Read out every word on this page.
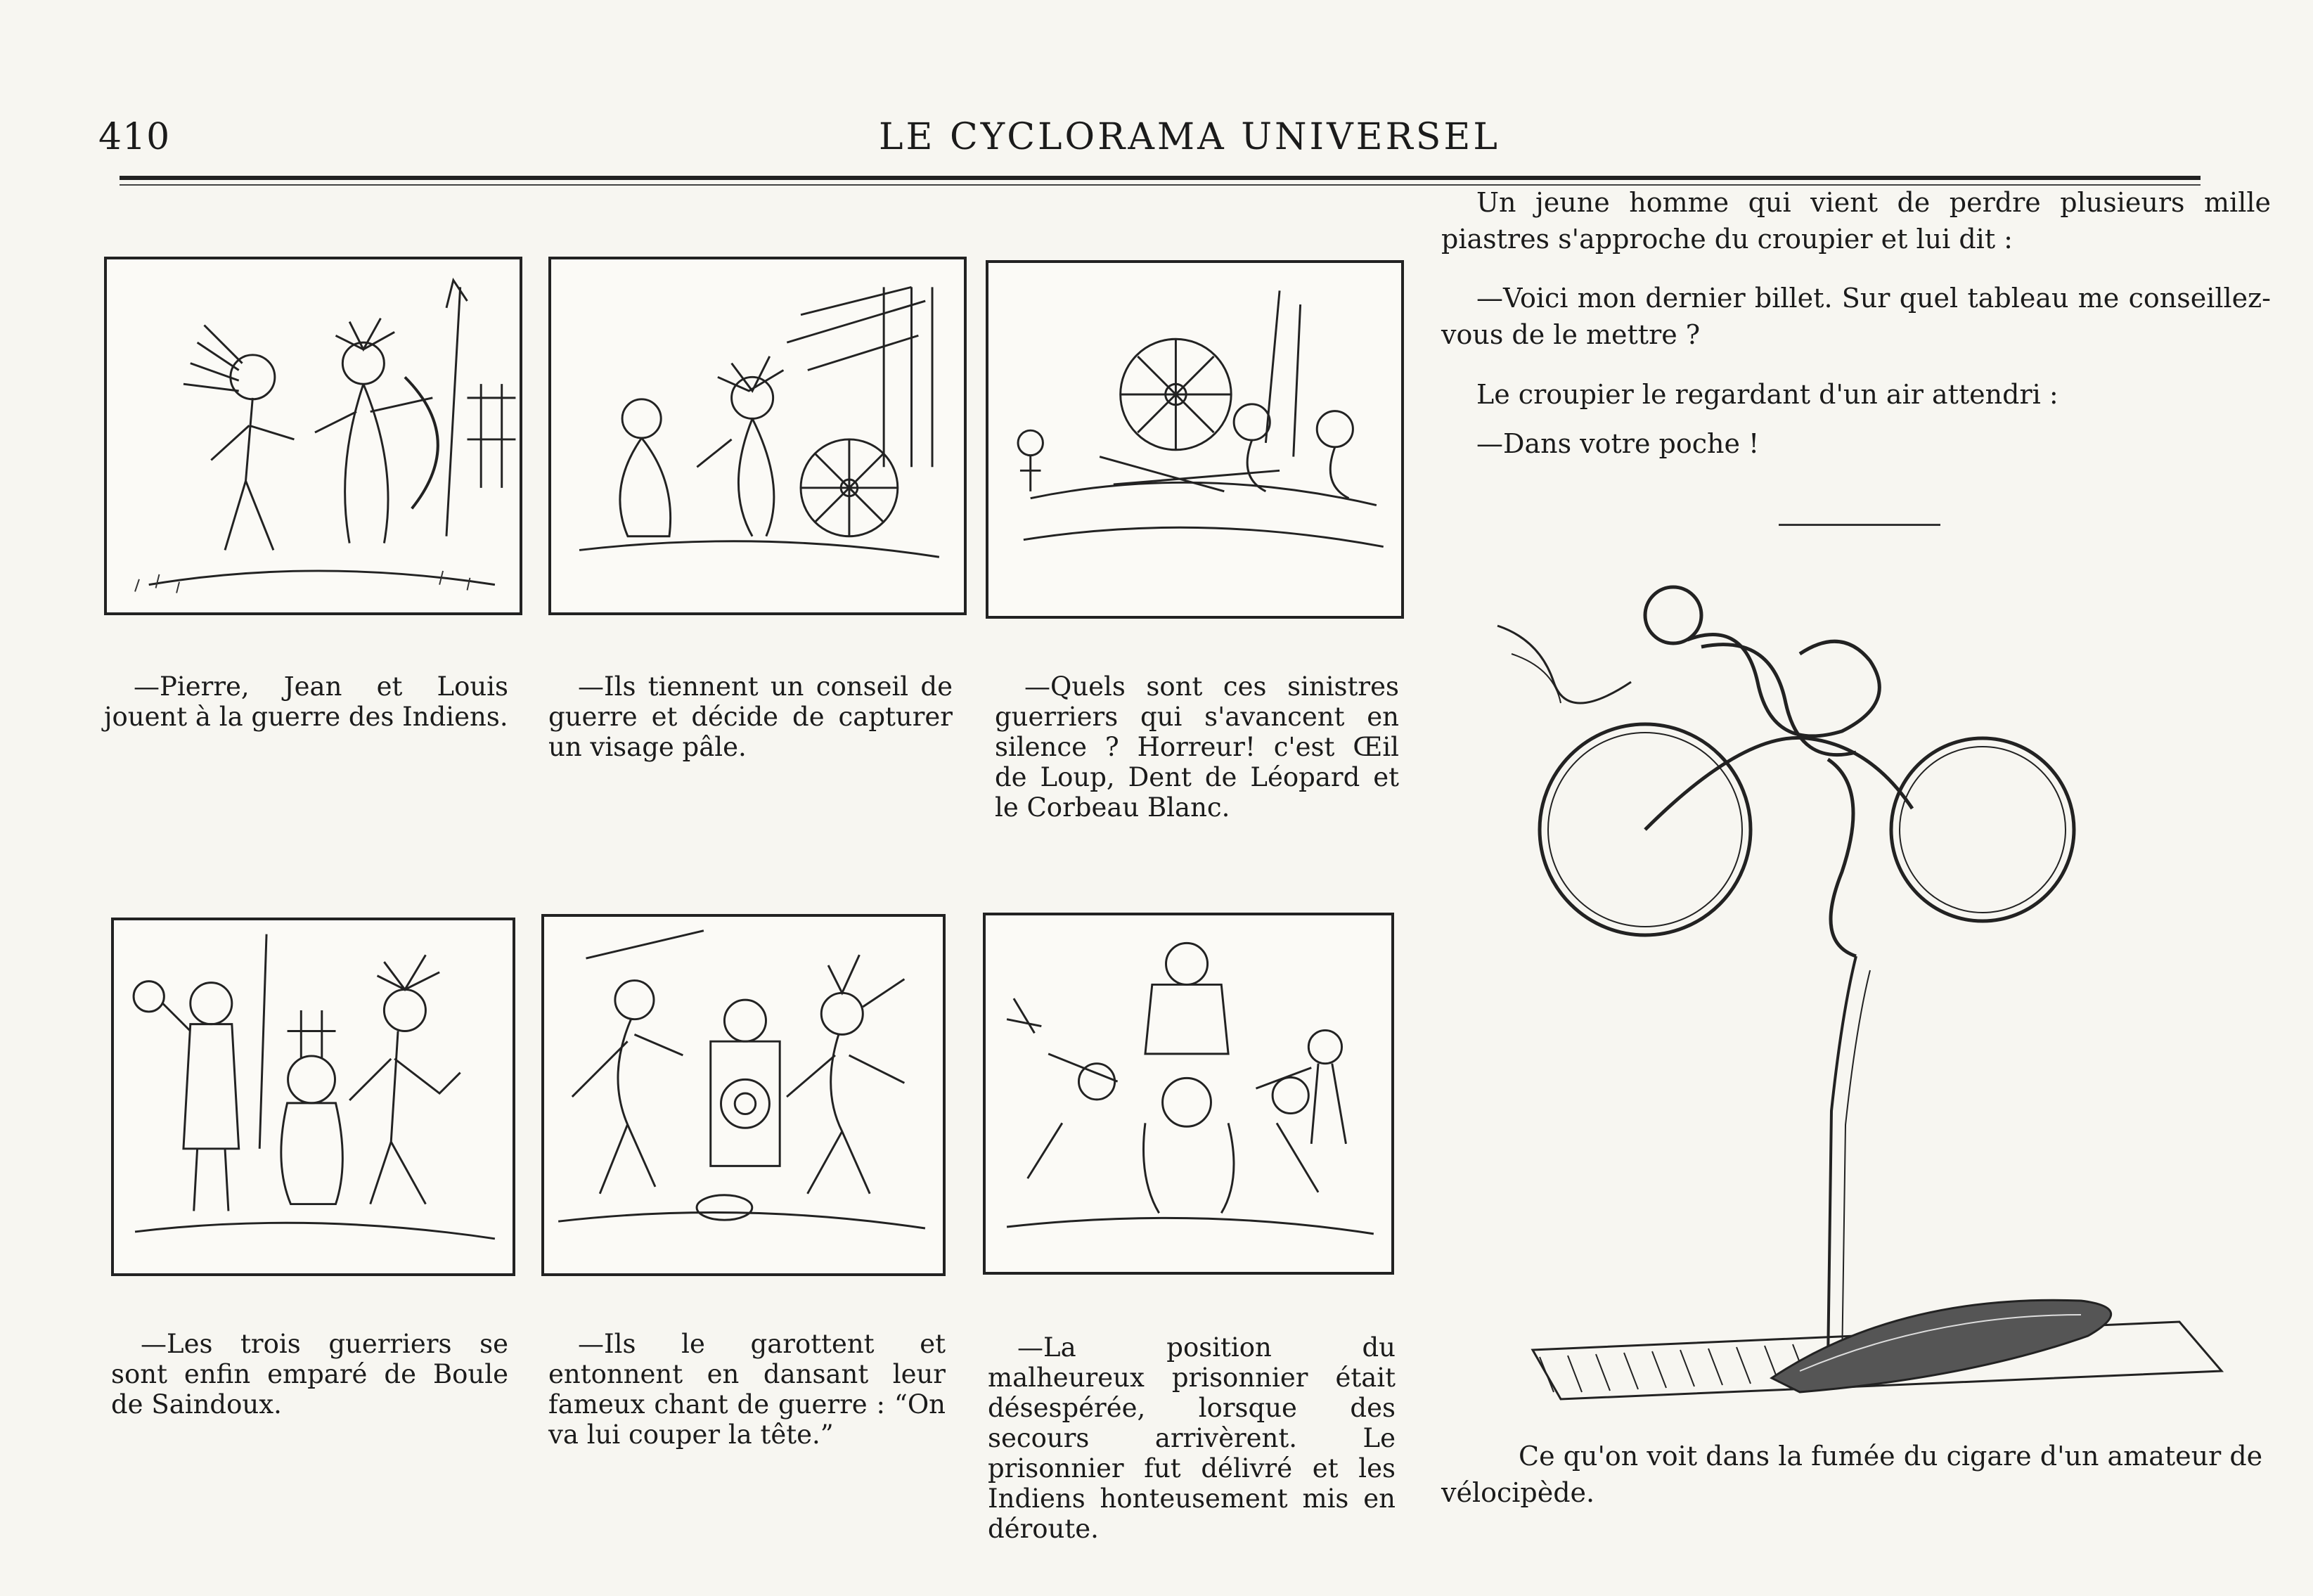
410	LE CYCLORAMA UNIVERSEL
—Pierre, Jean et Louis jouent à la guerre des Indiens.
—Ils tiennent un conseil de guerre et décide de capturer un visage pâle.
—Quels sont ces sinistres guerriers qui s'avancent en silence ? Horreur! c'est Œil de Loup, Dent de Léopard et le Corbeau Blanc.
—Les trois guerriers se sont enfin emparé de Boule de Saindoux.
—Ils le garottent et entonnent en dansant leur fameux chant de guerre : “On va lui couper la tête.”
—La position du malheureux prisonnier était désespérée, lorsque des secours arrivèrent. Le prisonnier fut délivré et les Indiens honteusement mis en déroute.

Un jeune homme qui vient de perdre plusieurs mille piastres s'approche du croupier et lui dit :

—Voici mon dernier billet. Sur quel tableau me conseillez-vous de le mettre ?

Le croupier le regardant d'un air attendri :

—Dans votre poche !

Ce qu'on voit dans la fumée du cigare d'un amateur de vélocipède.
